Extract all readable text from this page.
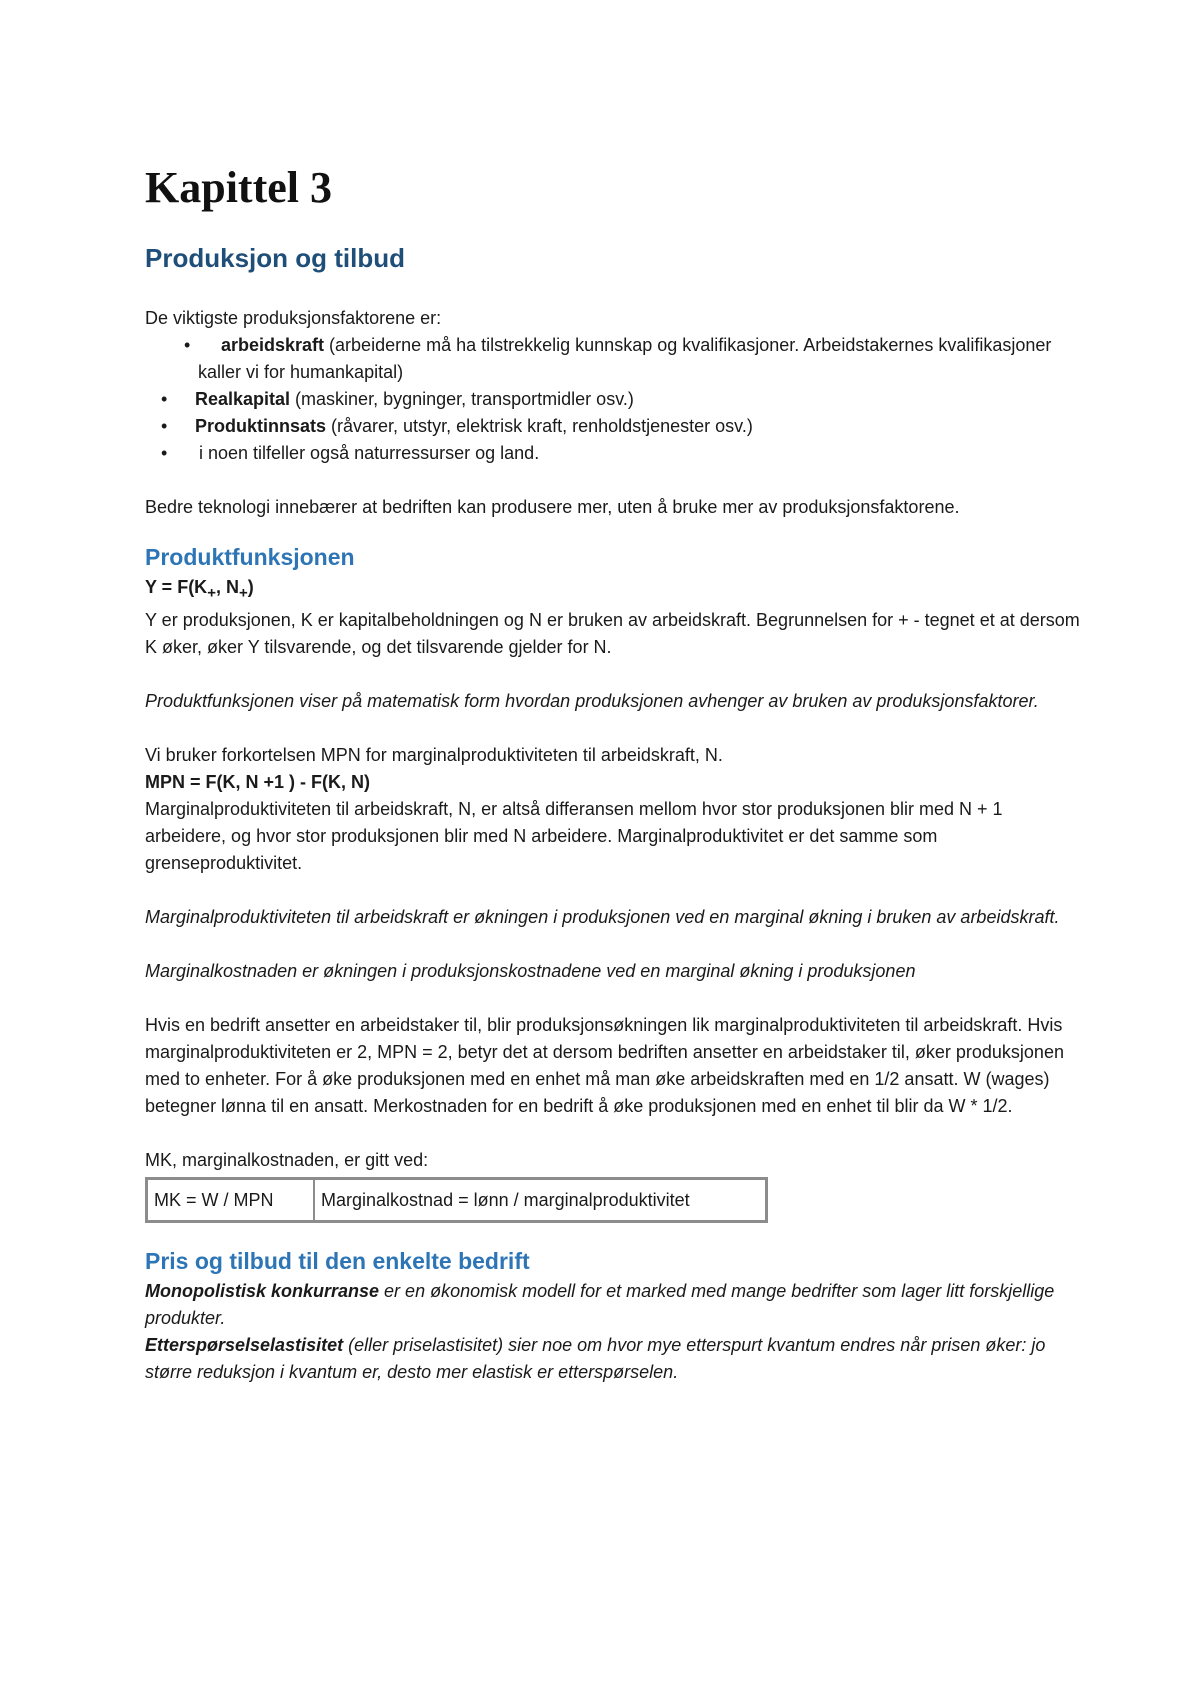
Kapittel 3
Produksjon og tilbud

De viktigste produksjonsfaktorene er:

• arbeidskraft (arbeiderne må ha tilstrekkelig kunnskap og kvalifikasjoner. Arbeidstakernes kvalifikasjoner kaller vi for humankapital)
• Realkapital (maskiner, bygninger, transportmidler osv.)
• Produktinnsats (råvarer, utstyr, elektrisk kraft, renholdstjenester osv.)
• i noen tilfeller også naturressurser og land.

Bedre teknologi innebærer at bedriften kan produsere mer, uten å bruke mer av produksjonsfaktorene.

Produktfunksjonen

$Y = F(K_+$, $N_+$)

Y er produksjonen, K er kapitalbeholdningen og N er bruken av arbeidskraft. Begrunnelsen for + - tegnet et at dersom K øker, øker Y tilsvarende, og det tilsvarende gjelder for N.

Produktfunksjonen viser på matematisk form hvordan produksjonen avhenger av bruken av produksjonsfaktorer.

Vi bruker forkortelsen MPN for marginalproduktiviteten til arbeidskraft, N.

MPN = F(K, N +1 ) - F(K, N)

Marginalproduktiviteten til arbeidskraft, N, er altså differansen mellom hvor stor produksjonen blir med N + 1 arbeidere, og hvor stor produksjonen blir med N arbeidere. Marginalproduktivitet er det samme som grenseproduktivitet.

Marginalproduktiviteten til arbeidskraft er økningen i produksjonen ved en marginal økning i bruken av arbeidskraft.

Marginalkostnaden er økningen i produksjonskostnadene ved en marginal økning i produksjonen

Hvis en bedrift ansetter en arbeidstaker til, blir produksjonsøkningen lik marginalproduktiviteten til arbeidskraft. Hvis marginalproduktiviteten er 2, MPN = 2, betyr det at dersom bedriften ansetter en arbeidstaker til, øker produksjonen med to enheter. For å øke produksjonen med en enhet må man øke arbeidskraften med en 1/2 ansatt. W (wages) betegner lønna til en ansatt. Merkostnaden for en bedrift å øke produksjonen med en enhet til blir da W * 1/2.

MK, marginalkostnaden, er gitt ved:

MK = W / MPN	Marginalkostnad = lønn / marginalproduktivitet
Pris og tilbud til den enkelte bedrift

Monopolistisk konkurranse er en økonomisk modell for et marked med mange bedrifter som lager litt forskjellige produkter.

Etterspørselselastisitet (eller priselastisitet) sier noe om hvor mye etterspurt kvantum endres når prisen øker: jo større reduksjon i kvantum er, desto mer elastisk er etterspørselen.
